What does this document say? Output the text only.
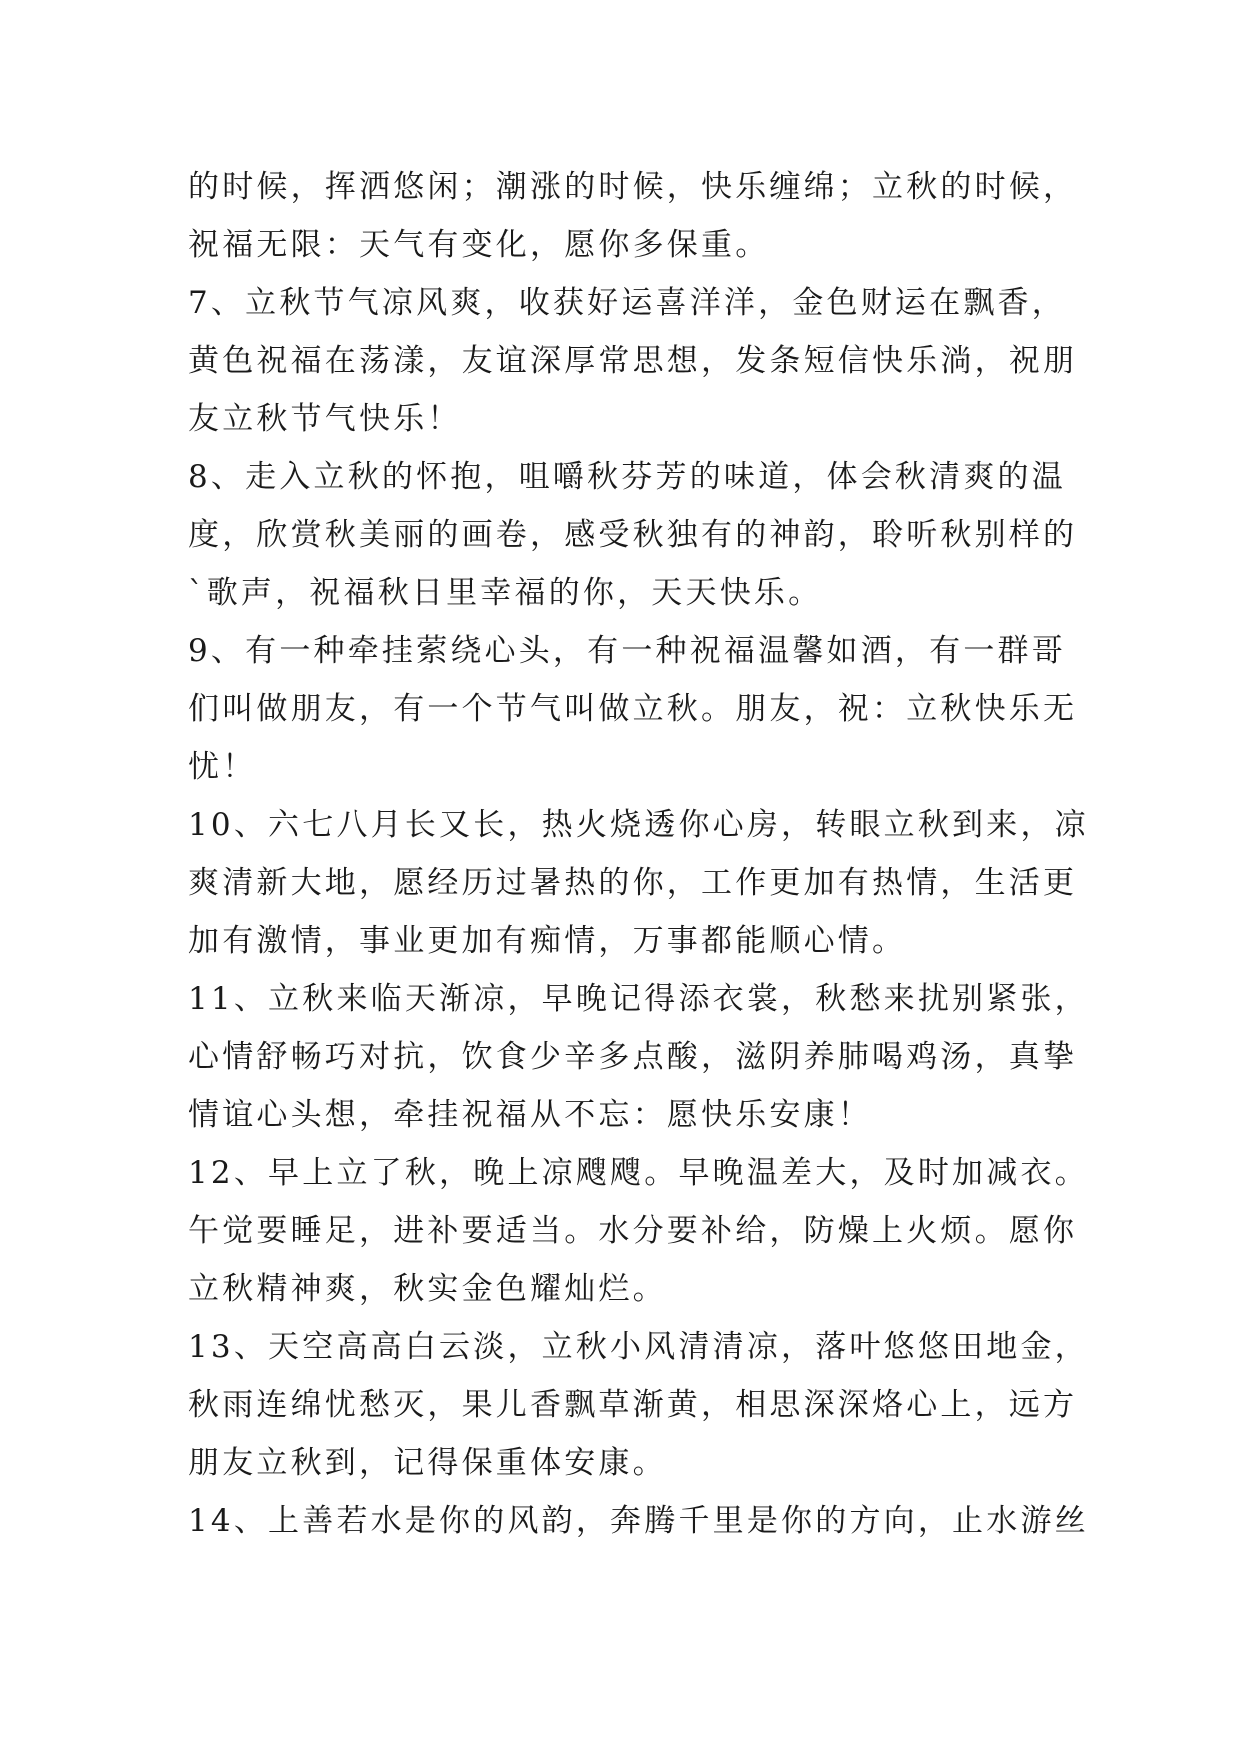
的时候，挥洒悠闲；潮涨的时候，快乐缠绵；立秋的时候，
祝福无限：天气有变化，愿你多保重。
7、立秋节气凉风爽，收获好运喜洋洋，金色财运在飘香，
黄色祝福在荡漾，友谊深厚常思想，发条短信快乐淌，祝朋
友立秋节气快乐！
8、走入立秋的怀抱，咀嚼秋芬芳的味道，体会秋清爽的温
度，欣赏秋美丽的画卷，感受秋独有的神韵，聆听秋别样的
`歌声，祝福秋日里幸福的你，天天快乐。
9、有一种牵挂萦绕心头，有一种祝福温馨如酒，有一群哥
们叫做朋友，有一个节气叫做立秋。朋友，祝：立秋快乐无
忧！
10、六七八月长又长，热火烧透你心房，转眼立秋到来，凉
爽清新大地，愿经历过暑热的你，工作更加有热情，生活更
加有激情，事业更加有痴情，万事都能顺心情。
11、立秋来临天渐凉，早晚记得添衣裳，秋愁来扰别紧张，
心情舒畅巧对抗，饮食少辛多点酸，滋阴养肺喝鸡汤，真挚
情谊心头想，牵挂祝福从不忘：愿快乐安康！
12、早上立了秋，晚上凉飕飕。早晚温差大，及时加减衣。
午觉要睡足，进补要适当。水分要补给，防燥上火烦。愿你
立秋精神爽，秋实金色耀灿烂。
13、天空高高白云淡，立秋小风清清凉，落叶悠悠田地金，
秋雨连绵忧愁灭，果儿香飘草渐黄，相思深深烙心上，远方
朋友立秋到，记得保重体安康。
14、上善若水是你的风韵，奔腾千里是你的方向，止水游丝
